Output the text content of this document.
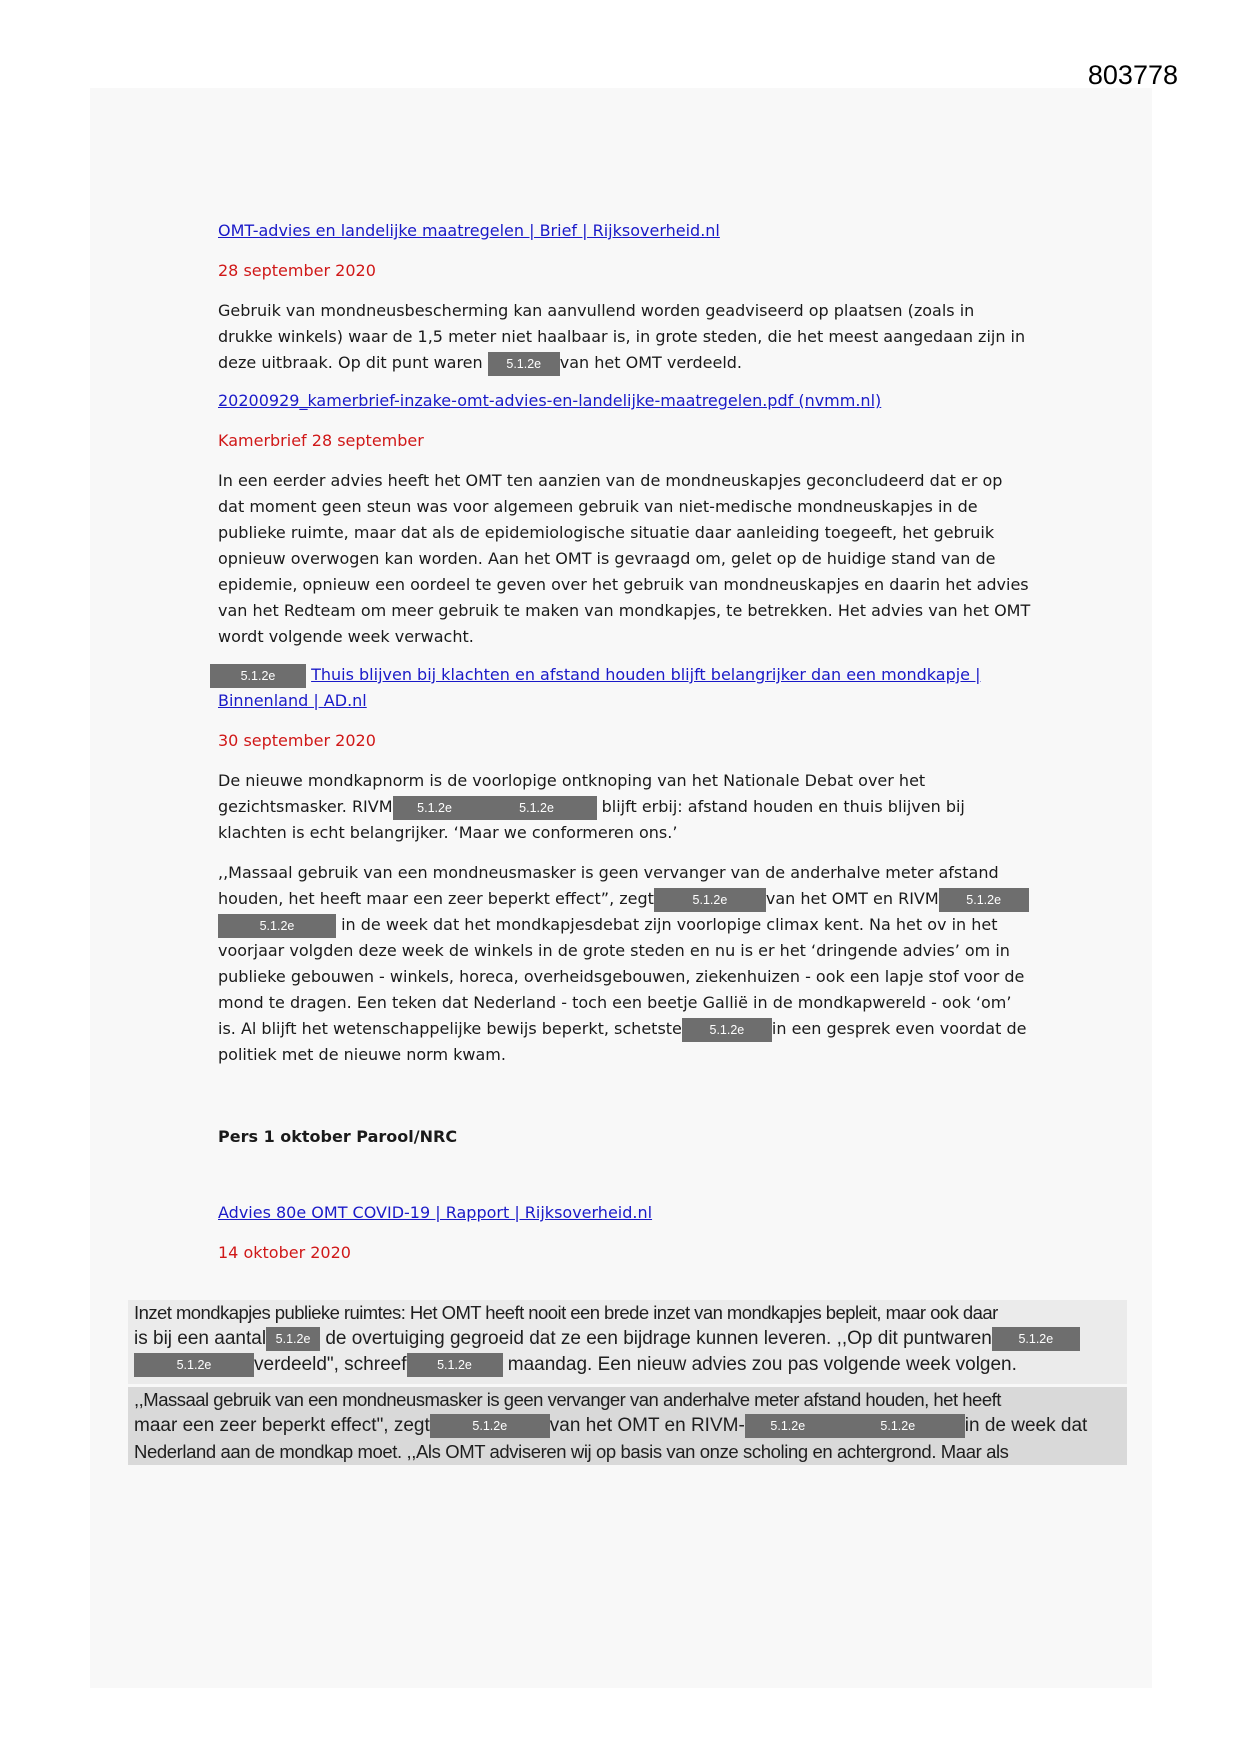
803778
OMT-advies en landelijke maatregelen | Brief | Rijksoverheid.nl
28 september 2020

Gebruik van mondneusbescherming kan aanvullend worden geadviseerd op plaatsen (zoals in

drukke winkels) waar de 1,5 meter niet haalbaar is, in grote steden, die het meest aangedaan zijn in

deze uitbraak. Op dit punt waren 5.1.2e van het OMT verdeeld.

20200929_kamerbrief-inzake-omt-advies-en-landelijke-maatregelen.pdf (nvmm.nl)
Kamerbrief 28 september

In een eerder advies heeft het OMT ten aanzien van de mondneuskapjes geconcludeerd dat er op

dat moment geen steun was voor algemeen gebruik van niet-medische mondneuskapjes in de

publieke ruimte, maar dat als de epidemiologische situatie daar aanleiding toegeeft, het gebruik

opnieuw overwogen kan worden. Aan het OMT is gevraagd om, gelet op de huidige stand van de

epidemie, opnieuw een oordeel te geven over het gebruik van mondneuskapjes en daarin het advies

van het Redteam om meer gebruik te maken van mondkapjes, te betrekken. Het advies van het OMT

wordt volgende week verwacht.

5.1.2e Thuis blijven bij klachten en afstand houden blijft belangrijker dan een mondkapje |
Binnenland | AD.nl
30 september 2020

De nieuwe mondkapnorm is de voorlopige ontknoping van het Nationale Debat over het

gezichtsmasker. RIVM 5.1.2e	5.1.2e	blijft erbij: afstand houden en thuis blijven bij

klachten is echt belangrijker. ‘Maar we conformeren ons.’

,,Massaal gebruik van een mondneusmasker is geen vervanger van de anderhalve meter afstand

houden, het heeft maar een zeer beperkt effect”, zegt	5.1.2e van het OMT en RIVM 5.1.2e

5.1.2e	in de week dat het mondkapjesdebat zijn voorlopige climax kent. Na het ov in het

voorjaar volgden deze week de winkels in de grote steden en nu is er het ‘dringende advies’ om in

publieke gebouwen - winkels, horeca, overheidsgebouwen, ziekenhuizen - ook een lapje stof voor de

mond te dragen. Een teken dat Nederland - toch een beetje Gallië in de mondkapwereld - ook ‘om’

is. Al blijft het wetenschappelijke bewijs beperkt, schetste 5.1.2e in een gesprek even voordat de

politiek met de nieuwe norm kwam.

Pers 1 oktober Parool/NRC
Advies 80e OMT COVID-19 | Rapport | Rijksoverheid.nl
14 oktober 2020
Inzet mondkapjes publieke ruimtes: Het OMT heeft nooit een brede inzet van mondkapjes bepleit, maar ook daar
is bij een aantal 5.1.2e de overtuiging gegroeid dat ze een bijdrage kunnen leveren. ,,Op dit puntwaren 5.1.2e
5.1.2e verdeeld", schreef 5.1.2e maandag. Een nieuw advies zou pas volgende week volgen.
,,Massaal gebruik van een mondneusmasker is geen vervanger van anderhalve meter afstand houden, het heeft
maar een zeer beperkt effect", zegt	5.1.2e van het OMT en RIVM- 5.1.2e	5.1.2e	in de week dat
Nederland aan de mondkap moet. ,,Als OMT adviseren wij op basis van onze scholing en achtergrond. Maar als
